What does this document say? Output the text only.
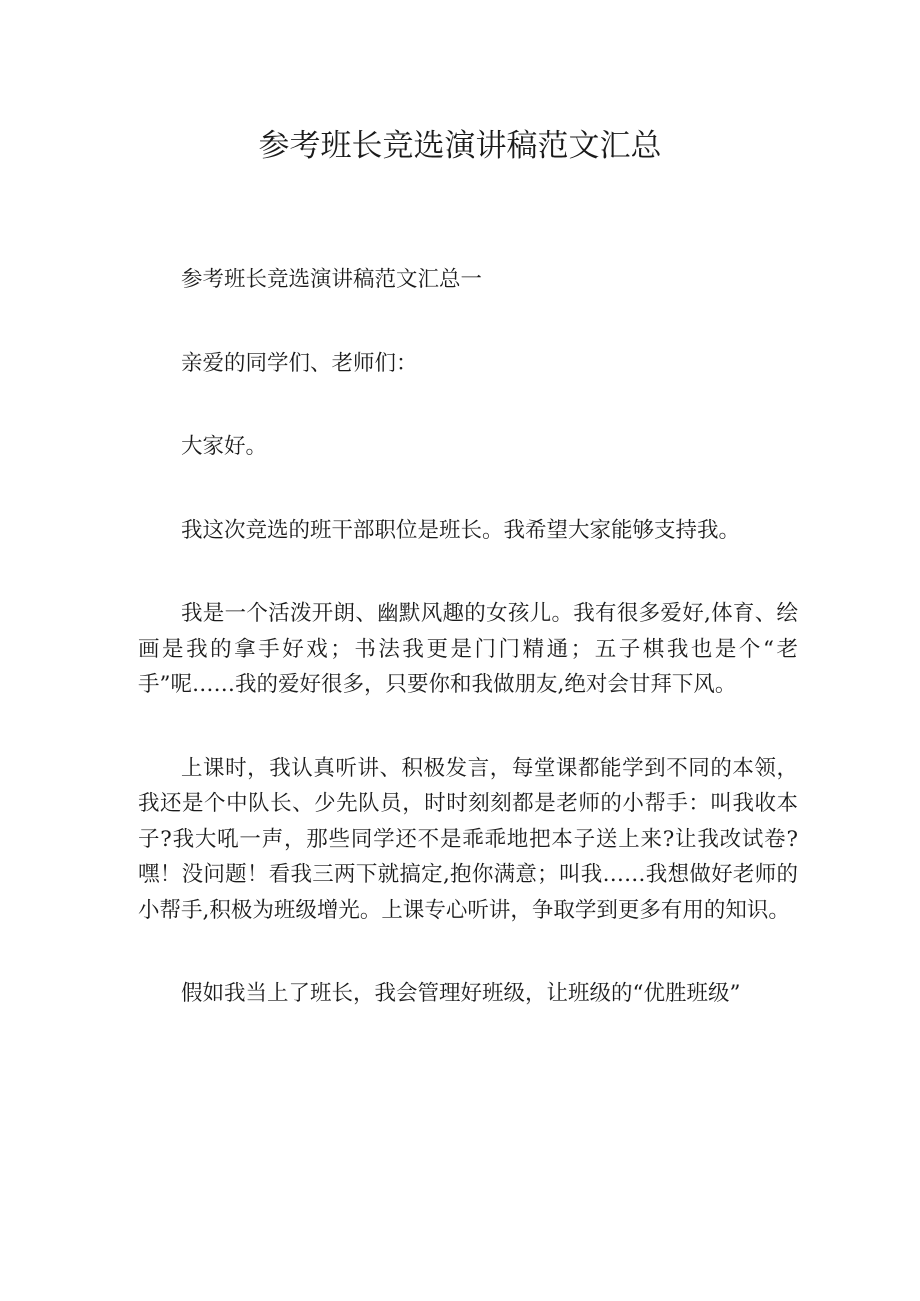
参考班长竞选演讲稿范文汇总

参考班长竞选演讲稿范文汇总一

亲爱的同学们、老师们：

大家好。

我这次竞选的班干部职位是班长。我希望大家能够支持我。

我是一个活泼开朗、幽默风趣的女孩儿。我有很多爱好,体育、绘画是我的拿手好戏；书法我更是门门精通；五子棋我也是个“老手”呢……我的爱好很多，只要你和我做朋友,绝对会甘拜下风。

上课时，我认真听讲、积极发言，每堂课都能学到不同的本领，我还是个中队长、少先队员，时时刻刻都是老师的小帮手：叫我收本子?我大吼一声，那些同学还不是乖乖地把本子送上来?让我改试卷?嘿！没问题！看我三两下就搞定,抱你满意；叫我……我想做好老师的小帮手,积极为班级增光。上课专心听讲，争取学到更多有用的知识。

假如我当上了班长，我会管理好班级，让班级的“优胜班级”
